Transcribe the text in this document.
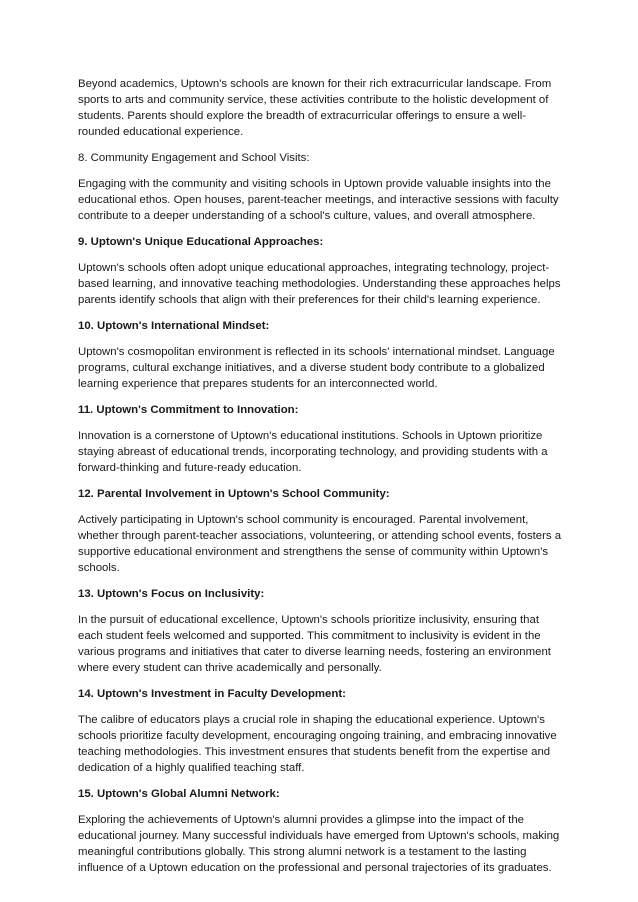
Beyond academics, Uptown's schools are known for their rich extracurricular landscape. From sports to arts and community service, these activities contribute to the holistic development of students. Parents should explore the breadth of extracurricular offerings to ensure a well-rounded educational experience.

8. Community Engagement and School Visits:

Engaging with the community and visiting schools in Uptown provide valuable insights into the educational ethos. Open houses, parent-teacher meetings, and interactive sessions with faculty contribute to a deeper understanding of a school's culture, values, and overall atmosphere.

9. Uptown's Unique Educational Approaches:

Uptown's schools often adopt unique educational approaches, integrating technology, project-based learning, and innovative teaching methodologies. Understanding these approaches helps parents identify schools that align with their preferences for their child's learning experience.

10. Uptown's International Mindset:

Uptown's cosmopolitan environment is reflected in its schools' international mindset. Language programs, cultural exchange initiatives, and a diverse student body contribute to a globalized learning experience that prepares students for an interconnected world.

11. Uptown's Commitment to Innovation:

Innovation is a cornerstone of Uptown's educational institutions. Schools in Uptown prioritize staying abreast of educational trends, incorporating technology, and providing students with a forward-thinking and future-ready education.

12. Parental Involvement in Uptown's School Community:

Actively participating in Uptown's school community is encouraged. Parental involvement, whether through parent-teacher associations, volunteering, or attending school events, fosters a supportive educational environment and strengthens the sense of community within Uptown's schools.

13. Uptown's Focus on Inclusivity:

In the pursuit of educational excellence, Uptown's schools prioritize inclusivity, ensuring that each student feels welcomed and supported. This commitment to inclusivity is evident in the various programs and initiatives that cater to diverse learning needs, fostering an environment where every student can thrive academically and personally.

14. Uptown's Investment in Faculty Development:

The calibre of educators plays a crucial role in shaping the educational experience. Uptown's schools prioritize faculty development, encouraging ongoing training, and embracing innovative teaching methodologies. This investment ensures that students benefit from the expertise and dedication of a highly qualified teaching staff.

15. Uptown's Global Alumni Network:

Exploring the achievements of Uptown's alumni provides a glimpse into the impact of the educational journey. Many successful individuals have emerged from Uptown's schools, making meaningful contributions globally. This strong alumni network is a testament to the lasting influence of a Uptown education on the professional and personal trajectories of its graduates.
